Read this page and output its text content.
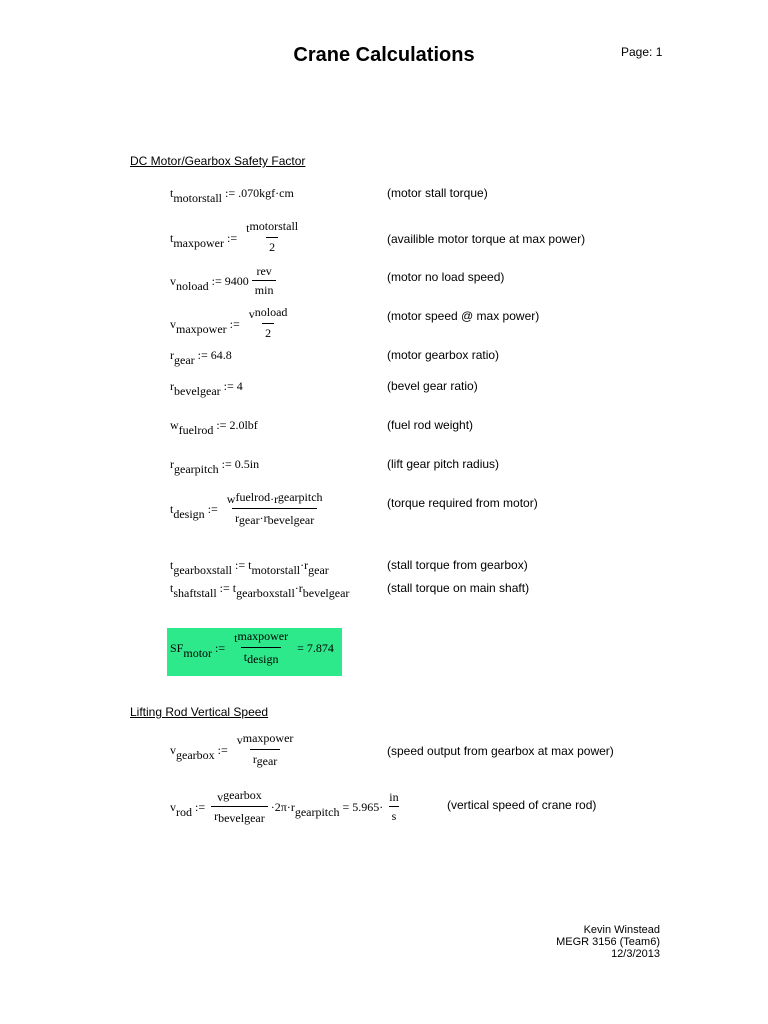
Crane Calculations	Page: 1
DC Motor/Gearbox Safety Factor
t motorstall := .070kgf·cm	(motor stall torque)
t maxpower := $\frac{\text{tmotorstall}}{2}$	(availible motor torque at max power)
v noload := $9400 \frac{\text{rev}}{\min}$	(motor no load speed)
v maxpower := $\frac{\text{vnoload}}{2}$	(motor speed @ max power)
r gear := 64.8	(motor gearbox ratio)
r bevelgear := 4	(bevel gear ratio)
w fuelrod := 2.0lbf	(fuel rod weight)
r gearpitch := 0.5in	(lift gear pitch radius)
t design := $\frac{\text{wfuelrod·rgearpitch}}{\text{rgear·rbevelgear}}$	(torque required from motor)
t gearboxstall := t motorstall · r gear	(stall torque from gearbox)
t shaftstall := t gearboxstall · r bevelgear	(stall torque on main shaft)
SF motor := $\frac{\text{tmaxpower}}{\text{tdesign}} = 7.874$
Lifting Rod Vertical Speed
v gearbox := $\frac{\text{vmaxpower}}{\text{rgear}}$	(speed output from gearbox at max power)
v rod := $\frac{\text{vgearbox}}{\text{rbevelgear}} \cdot 2\pi\cdot r$ gearpitch = $5.965\cdot \frac{in}{s}$	(vertical speed of crane rod)
Kevin Winstead
MEGR 3156 (Team6)
12/3/2013
